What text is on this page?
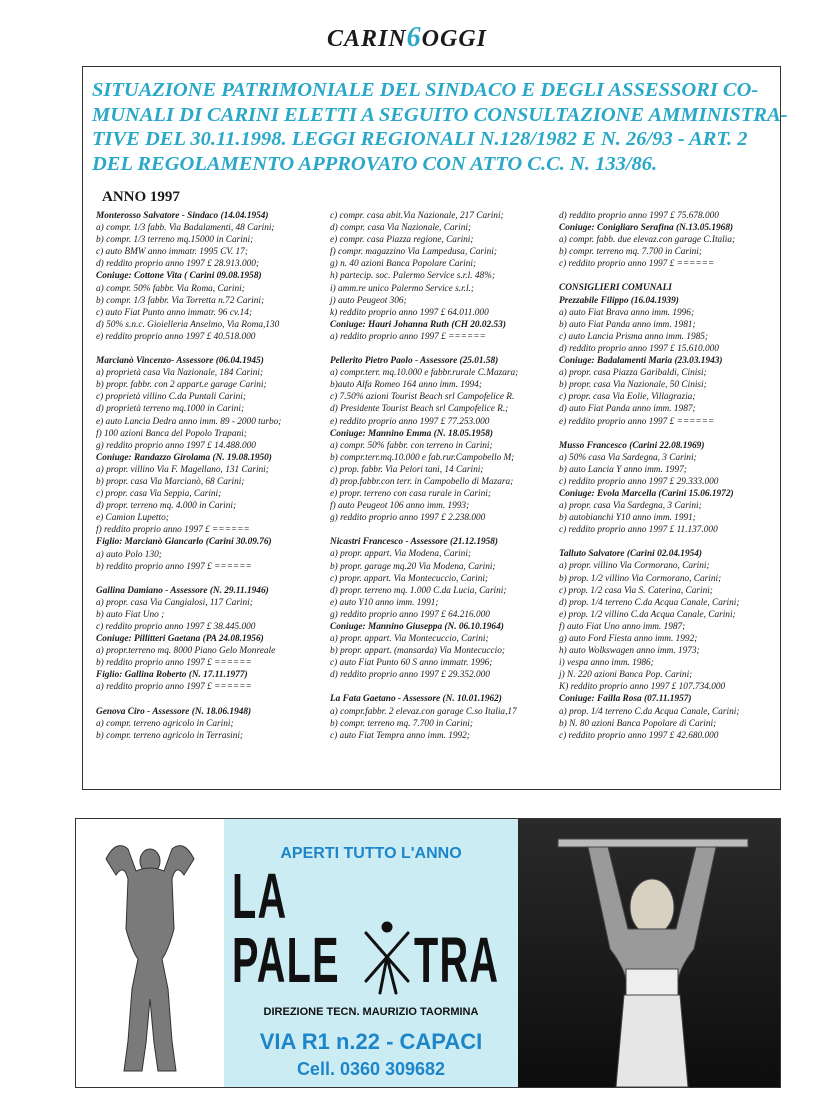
CARIN6OGGI
SITUAZIONE PATRIMONIALE DEL SINDACO E DEGLI ASSESSORI CO-
MUNALI DI CARINI ELETTI A SEGUITO CONSULTAZIONE AMMINISTRA-
TIVE DEL 30.11.1998. LEGGI REGIONALI N.128/1982 E N. 26/93 - ART. 2
DEL REGOLAMENTO APPROVATO CON ATTO C.C. N. 133/86.
ANNO 1997

Monterosso Salvatore - Sindaco (14.04.1954)

a) compr. 1/3 fabb. Via Badalamenti, 48 Carini;

b) compr. 1/3 terreno mq.15000 in Carini;

c) auto BMW anno immatr. 1995 CV. 17;

d) reddito proprio anno 1997 £ 28.913.000;

Coniuge: Cottone Vita ( Carini 09.08.1958)

a) compr. 50% fabbr. Via Roma, Carini;

b) compr. 1/3 fabbr. Via Torretta n.72 Carini;

c) auto Fiat Punto anno immatr. 96 cv.14;

d) 50% s.n.c. Gioielleria Anselmo, Via Roma,130

e) reddito proprio anno 1997 £ 40.518.000

Marcianò Vincenzo- Assessore (06.04.1945)

a) proprietà casa Via Nazionale, 184 Carini;

b) propr. fabbr. con 2 appart.e garage Carini;

c) proprietà villino C.da Puntali Carini;

d) proprietà terreno mq.1000 in Carini;

e) auto Lancia Dedra anno imm. 89 - 2000 turbo;

f) 100 azioni Banca del Popolo Trapani;

g) reddito proprio anno 1997 £ 14.488.000

Coniuge: Randazzo Girolama (N. 19.08.1950)

a) propr. villino Via F. Magellano, 131 Carini;

b) propr. casa Via Marcianò, 68 Carini;

c) propr. casa Via Seppia, Carini;

d) propr. terreno mq. 4.000 in Carini;

e) Camion Lupetto;

f) reddito proprio anno 1997 £ ======

Figlio: Marcianò Giancarlo (Carini 30.09.76)

a) auto Polo 130;

b) reddito proprio anno 1997 £ ======

Gallina Damiano - Assessore (N. 29.11.1946)

a) propr. casa Via Cangialosi, 117 Carini;

b) auto Fiat Uno ;

c) reddito proprio anno 1997 £ 38.445.000

Coniuge: Pillitteri Gaetana (PA 24.08.1956)

a) propr.terreno mq. 8000 Piano Gelo Monreale

b) reddito proprio anno 1997 £ ======

Figlio: Gallina Roberto (N. 17.11.1977)

a) reddito proprio anno 1997 £ ======

Genova Ciro - Assessore (N. 18.06.1948)

a) compr. terreno agricolo in Carini;

b) compr. terreno agricolo in Terrasini;

c) compr. casa abit.Via Nazionale, 217 Carini;

d) compr. casa Via Nazionale, Carini;

e) compr. casa Piazza regione, Carini;

f) compr. magazzino Via Lampedusa, Carini;

g) n. 40 azioni Banca Popolare Carini;

h) partecip. soc. Palermo Service s.r.l. 48%;

i) amm.re unico Palermo Service s.r.l.;

j) auto Peugeot 306;

k) reddito proprio anno 1997 £ 64.011.000

Coniuge: Hauri Johanna Ruth (CH 20.02.53)

a) reddito proprio anno 1997 £ ======

Pellerito Pietro Paolo - Assessore (25.01.58)

a) compr.terr. mq.10.000 e fabbr.rurale C.Mazara;

b)auto Alfa Romeo 164 anno imm. 1994;

c) 7.50% azioni Tourist Beach srl Campofelice R.

d) Presidente Tourist Beach srl Campofelice R.;

e) reddito proprio anno 1997 £ 77.253.000

Coniuge: Mannino Emma (N. 18.05.1958)

a) compr. 50% fabbr. con terreno in Carini;

b) compr.terr.mq.10.000 e fab.rur.Campobello M;

c) prop. fabbr. Via Pelori tani, 14 Carini;

d) prop.fabbr.con terr. in Campobello di Mazara;

e) propr. terreno con casa rurale in Carini;

f) auto Peugeot 106 anno imm. 1993;

g) reddito proprio anno 1997 £ 2.238.000

Nicastri Francesco - Assessore (21.12.1958)

a) propr. appart. Via Modena, Carini;

b) propr. garage mq.20 Via Modena, Carini;

c) propr. appart. Via Montecuccio, Carini;

d) propr. terreno mq. 1.000 C.da Lucia, Carini;

e) auto Y10 anno imm. 1991;

g) reddito proprio anno 1997 £ 64.216.000

Coniuge: Mannino Giuseppa (N. 06.10.1964)

a) propr. appart. Via Montecuccio, Carini;

b) propr. appart. (mansarda) Via Montecuccio;

c) auto Fiat Punto 60 S anno immatr. 1996;

d) reddito proprio anno 1997 £ 29.352.000

La Fata Gaetano - Assessore (N. 10.01.1962)

a) compr.fabbr. 2 elevaz.con garage C.so Italia,17

b) compr. terreno mq. 7.700 in Carini;

c) auto Fiat Tempra anno imm. 1992;

d) reddito proprio anno 1997 £ 75.678.000

Coniuge: Conigliaro Serafina (N.13.05.1968)

a) compr. fabb. due elevaz.con garage C.Italia;

b) compr. terreno mq. 7.700 in Carini;

c) reddito proprio anno 1997 £ ======

CONSIGLIERI COMUNALI

Prezzabile Filippo (16.04.1939)

a) auto Fiat Brava anno imm. 1996;

b) auto Fiat Panda anno imm. 1981;

c) auto Lancia Prisma anno imm. 1985;

d) reddito proprio anno 1997 £ 15.610.000

Coniuge: Badalamenti Maria (23.03.1943)

a) propr. casa Piazza Garibaldi, Cinisi;

b) propr. casa Via Nazionale, 50 Cinisi;

c) propr. casa Via Eolie, Villagrazia;

d) auto Fiat Panda anno imm. 1987;

e) reddito proprio anno 1997 £ ======

Musso Francesco (Carini 22.08.1969)

a) 50% casa Via Sardegna, 3 Carini;

b) auto Lancia Y anno imm. 1997;

c) reddito proprio anno 1997 £ 29.333.000

Coniuge: Evola Marcella (Carini 15.06.1972)

a) propr. casa Via Sardegna, 3 Carini;

b) autobianchi Y10 anno imm. 1991;

c) reddito proprio anno 1997 £ 11.137.000

Talluto Salvatore (Carini 02.04.1954)

a) propr. villino Via Cormorano, Carini;

b) prop. 1/2 villino Via Cormorano, Carini;

c) prop. 1/2 casa Via S. Caterina, Carini;

d) prop. 1/4 terreno C.da Acqua Canale, Carini;

e) prop. 1/2 villino C.da Acqua Canale, Carini;

f) auto Fiat Uno anno imm. 1987;

g) auto Ford Fiesta anno imm. 1992;

h) auto Wolkswagen anno imm. 1973;

i) vespa anno imm. 1986;

j) N. 220 azioni Banca Pop. Carini;

K) reddito proprio anno 1997 £ 107.734.000

Coniuge: Failla Rosa (07.11.1957)

a) prop. 1/4 terreno C.da Acqua Canale, Carini;

b) N. 80 azioni Banca Popolare di Carini;

c) reddito proprio anno 1997 £ 42.680.000

APERTI TUTTO L'ANNO
LA
PALE TRA
DIREZIONE TECN. MAURIZIO TAORMINA
VIA R1 n.22 - CAPACI
Cell. 0360 309682
